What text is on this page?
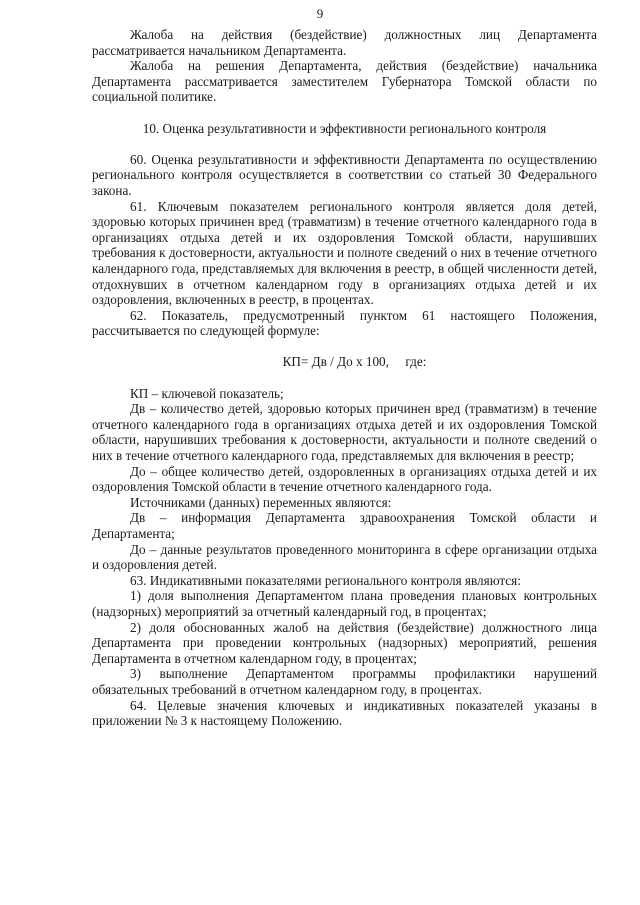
9

Жалоба на действия (бездействие) должностных лиц Департамента рассматривается начальником Департамента.

Жалоба на решения Департамента, действия (бездействие) начальника Департамента рассматривается заместителем Губернатора Томской области по социальной политике.

10. Оценка результативности и эффективности регионального контроля

60. Оценка результативности и эффективности Департамента по осуществлению регионального контроля осуществляется в соответствии со статьей 30 Федерального закона.

61. Ключевым показателем регионального контроля является доля детей, здоровью которых причинен вред (травматизм) в течение отчетного календарного года в организациях отдыха детей и их оздоровления Томской области, нарушивших требования к достоверности, актуальности и полноте сведений о них в течение отчетного календарного года, представляемых для включения в реестр, в общей численности детей, отдохнувших в отчетном календарном году в организациях отдыха детей и их оздоровления, включенных в реестр, в процентах.

62. Показатель, предусмотренный пунктом 61 настоящего Положения, рассчитывается по следующей формуле:

КП= Дв / До х 100,     где:

КП – ключевой показатель;

Дв – количество детей, здоровью которых причинен вред (травматизм) в течение отчетного календарного года в организациях отдыха детей и их оздоровления Томской области, нарушивших требования к достоверности, актуальности и полноте сведений о них в течение отчетного календарного года, представляемых для включения в реестр;

До – общее количество детей, оздоровленных в организациях отдыха детей и их оздоровления Томской области в течение отчетного календарного года.

Источниками (данных) переменных являются:

Дв – информация Департамента здравоохранения Томской области и Департамента;

До – данные результатов проведенного мониторинга в сфере организации отдыха и оздоровления детей.

63. Индикативными показателями регионального контроля являются:

1) доля выполнения Департаментом плана проведения плановых контрольных (надзорных) мероприятий за отчетный календарный год, в процентах;

2) доля обоснованных жалоб на действия (бездействие) должностного лица Департамента при проведении контрольных (надзорных) мероприятий, решения Департамента в отчетном календарном году, в процентах;

3) выполнение Департаментом программы профилактики нарушений обязательных требований в отчетном календарном году, в процентах.

64. Целевые значения ключевых и индикативных показателей указаны в приложении № 3 к настоящему Положению.
